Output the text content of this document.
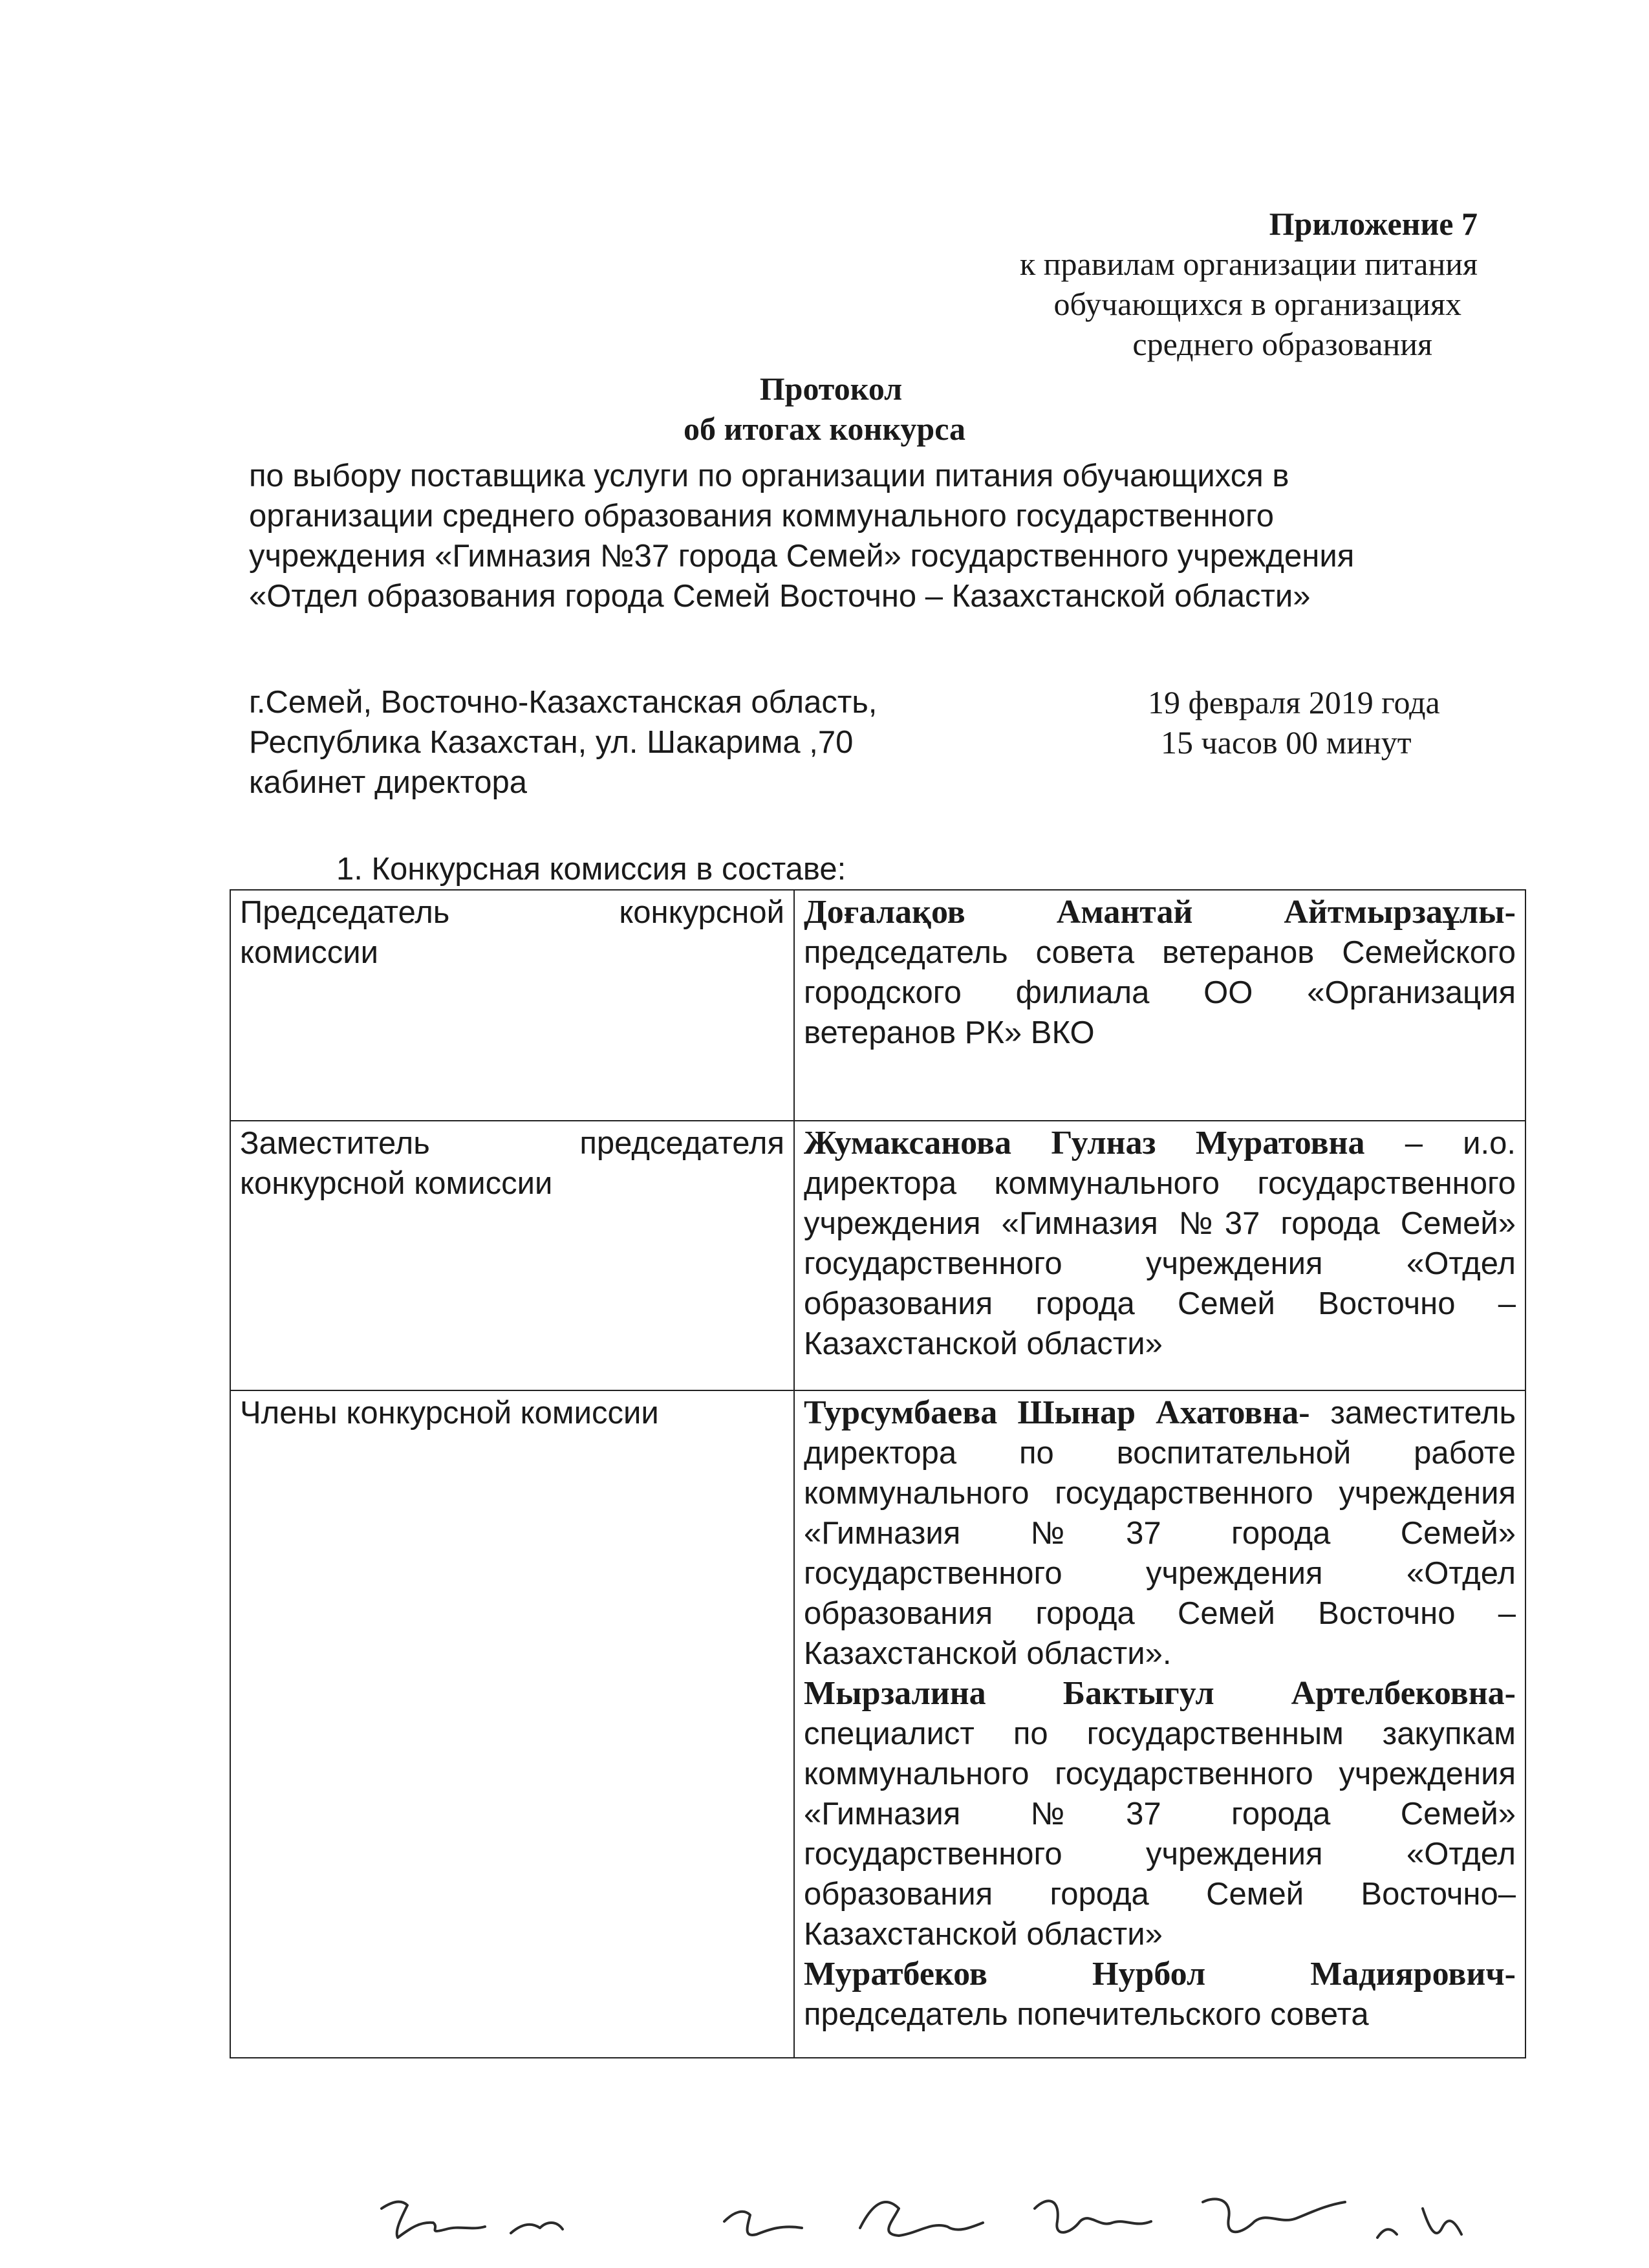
Приложение 7
к правилам организации питания
обучающихся в организациях
среднего образования
Протокол
об итогах конкурса
по выбору поставщика услуги по организации питания обучающихся в
организации среднего образования коммунального государственного
учреждения «Гимназия №37 города Семей» государственного учреждения
«Отдел образования города Семей Восточно – Казахстанской области»
г.Семей, Восточно-Казахстанская область,
Республика Казахстан, ул. Шакарима ,70
кабинет директора
19 февраля 2019 года
15 часов 00 минут
1. Конкурсная комиссия в составе:
Председатель конкурсной
комиссии	Доғалақов Амантай Айтмырзаұлы- председатель совета ветеранов Семейского городского филиала ОО «Организация ветеранов РК» ВКО

Заместитель председателя
конкурсной комиссии	Жумаксанова Гулназ Муратовна – и.о. директора коммунального государственного учреждения «Гимназия №37 города Семей» государственного учреждения «Отдел образования города Семей Восточно – Казахстанской области»

Члены конкурсной комиссии	Турсумбаева Шынар Ахатовна- заместитель директора по воспитательной работе коммунального государственного учреждения «Гимназия №37 города Семей» государственного учреждения «Отдел образования города Семей Восточно – Казахстанской области».
Мырзалина Бактыгул Артелбековна- специалист по государственным закупкам коммунального государственного учреждения «Гимназия №37 города Семей» государственного учреждения «Отдел образования города Семей Восточно–Казахстанской области»
Муратбеков Нурбол Мадиярович- председатель попечительского совета
